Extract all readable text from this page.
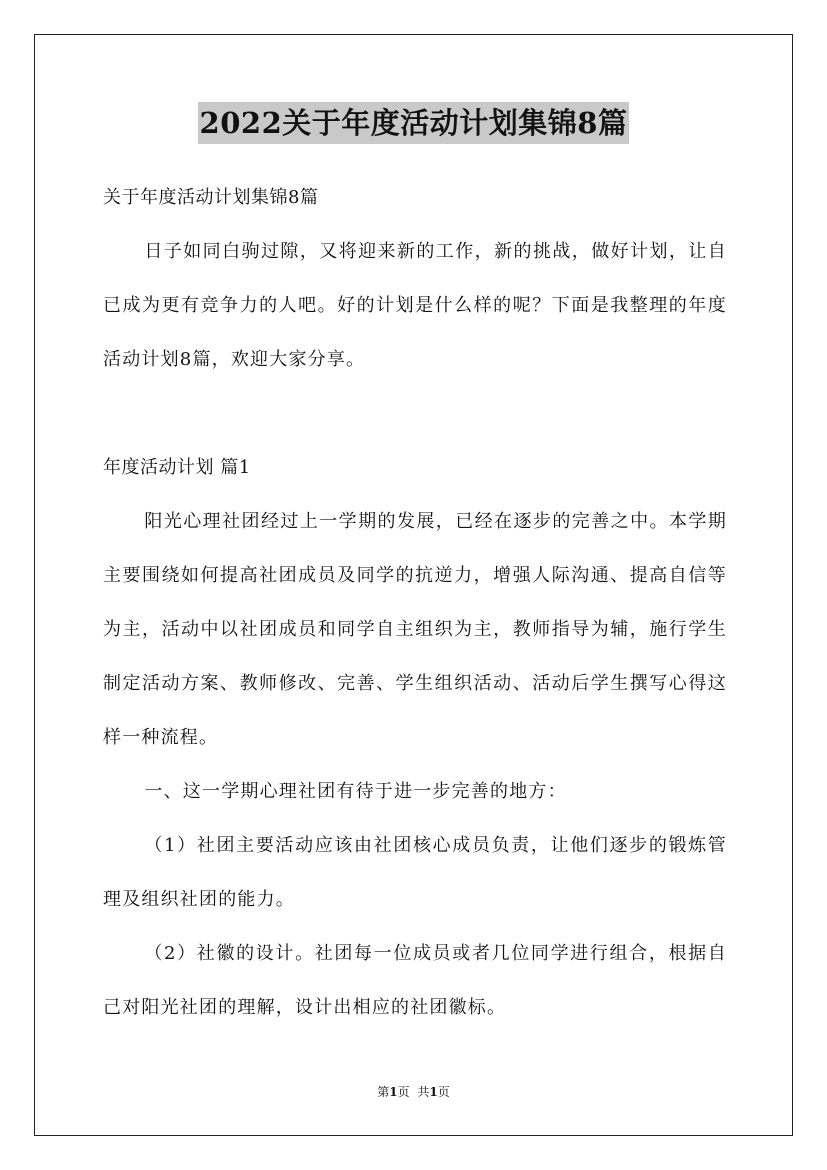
2022关于年度活动计划集锦8篇

关于年度活动计划集锦8篇

日子如同白驹过隙，又将迎来新的工作，新的挑战，做好计划，让自已成为更有竞争力的人吧。好的计划是什么样的呢？下面是我整理的年度活动计划8篇，欢迎大家分享。

年度活动计划 篇1

阳光心理社团经过上一学期的发展，已经在逐步的完善之中。本学期主要围绕如何提高社团成员及同学的抗逆力，增强人际沟通、提高自信等为主，活动中以社团成员和同学自主组织为主，教师指导为辅，施行学生制定活动方案、教师修改、完善、学生组织活动、活动后学生撰写心得这样一种流程。

一、这一学期心理社团有待于进一步完善的地方：

（1）社团主要活动应该由社团核心成员负责，让他们逐步的锻炼管理及组织社团的能力。

（2）社徽的设计。社团每一位成员或者几位同学进行组合，根据自己对阳光社团的理解，设计出相应的社团徽标。

第1页 共1页
